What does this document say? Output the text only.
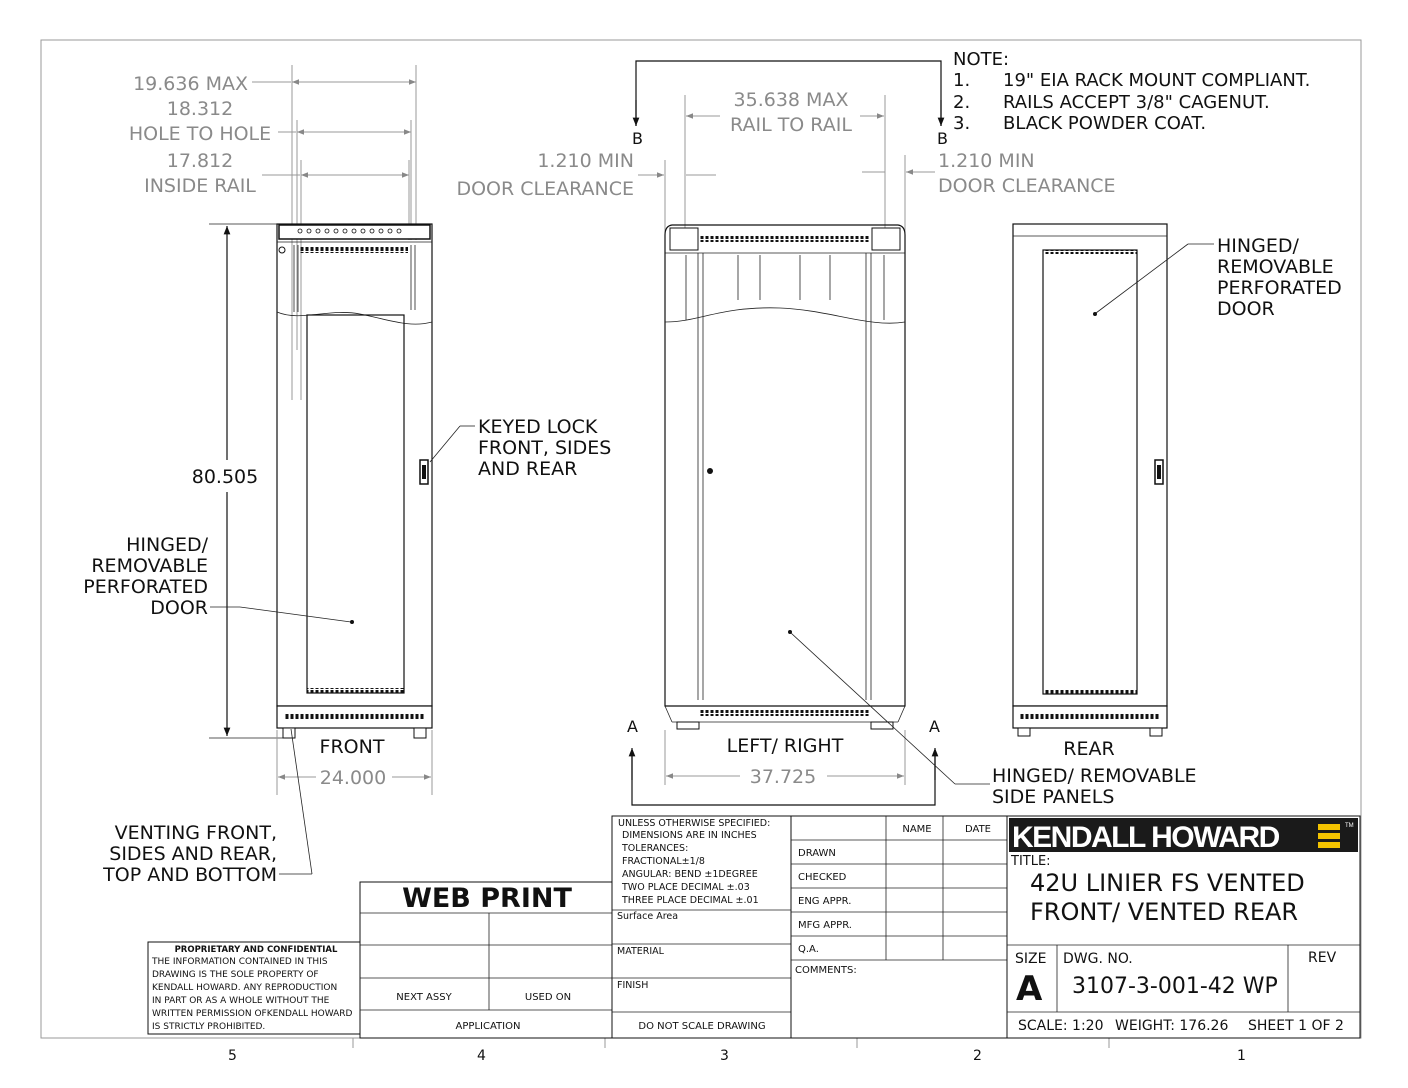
5	4	3	2	1
NOTE:
1. 19" EIA RACK MOUNT COMPLIANT.
2. RAILS ACCEPT 3/8" CAGENUT.
3. BLACK POWDER COAT.
19.636 MAX
18.312
HOLE TO HOLE
17.812
INSIDE RAIL
80.505
24.000
FRONT
KEYED LOCK
FRONT, SIDES
AND REAR
HINGED/
REMOVABLE
PERFORATED
DOOR
VENTING FRONT,
SIDES AND REAR,
TOP AND BOTTOM
B	B
35.638 MAX
RAIL TO RAIL
1.210 MIN
DOOR CLEARANCE
1.210 MIN
DOOR CLEARANCE
A	A
37.725
LEFT/ RIGHT
HINGED/ REMOVABLE
SIDE PANELS
REAR
HINGED/
REMOVABLE
PERFORATED
DOOR
PROPRIETARY AND CONFIDENTIAL
THE INFORMATION CONTAINED IN THIS
DRAWING IS THE SOLE PROPERTY OF
KENDALL HOWARD. ANY REPRODUCTION
IN PART OR AS A WHOLE WITHOUT THE
WRITTEN PERMISSION OFKENDALL HOWARD
IS STRICTLY PROHIBITED.
WEB PRINT
NEXT ASSY	USED ON
APPLICATION
UNLESS OTHERWISE SPECIFIED:
DIMENSIONS ARE IN INCHES
TOLERANCES:
FRACTIONAL±1/8
ANGULAR: BEND ±1DEGREE
TWO PLACE DECIMAL ±.03
THREE PLACE DECIMAL ±.01
Surface Area
MATERIAL
FINISH
DO NOT SCALE DRAWING
NAME	DATE
DRAWN
CHECKED
ENG APPR.
MFG APPR.
Q.A.
COMMENTS:
KENDALL HOWARD	TM
TITLE:
42U LINIER FS VENTED
FRONT/ VENTED REAR
SIZE
A
DWG. NO.
3107-3-001-42 WP
REV
SCALE: 1:20 WEIGHT: 176.26 SHEET 1 OF 2
